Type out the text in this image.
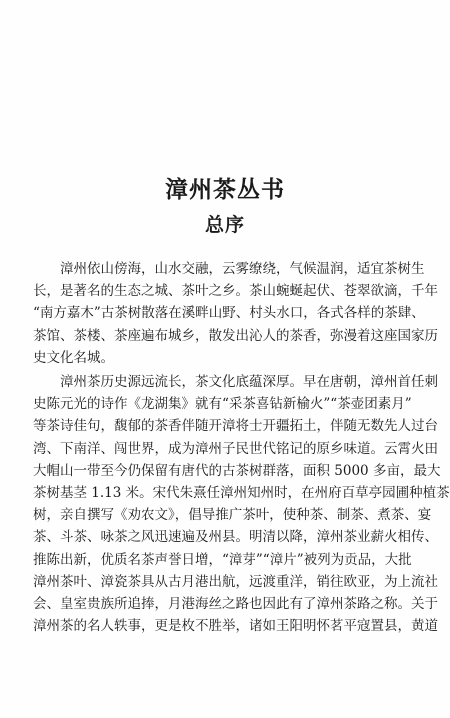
漳州茶丛书
总序
漳州依山傍海，山水交融，云雾缭绕，气候温润，适宜茶树生
长，是著名的生态之城、茶叶之乡。茶山蜿蜒起伏、苍翠欲滴，千年
“南方嘉木”古茶树散落在溪畔山野、村头水口，各式各样的茶肆、
茶馆、茶楼、茶座遍布城乡，散发出沁人的茶香，弥漫着这座国家历
史文化名城。
漳州茶历史源远流长，茶文化底蕴深厚。早在唐朝，漳州首任刺
史陈元光的诗作《龙湖集》就有“采茶喜钻新榆火”“茶壶团素月”
等茶诗佳句，馥郁的茶香伴随开漳将士开疆拓土，伴随无数先人过台
湾、下南洋、闯世界，成为漳州子民世代铭记的原乡味道。云霄火田
大帽山一带至今仍保留有唐代的古茶树群落，面积 5000 多亩，最大
茶树基茎 1.13 米。宋代朱熹任漳州知州时，在州府百草亭园圃种植茶
树，亲自撰写《劝农文》，倡导推广茶叶，使种茶、制茶、煮茶、宴
茶、斗茶、咏茶之风迅速遍及州县。明清以降，漳州茶业薪火相传、
推陈出新，优质名茶声誉日增，“漳芽”“漳片”被列为贡品，大批
漳州茶叶、漳瓷茶具从古月港出航，远渡重洋，销往欧亚，为上流社
会、皇室贵族所追捧，月港海丝之路也因此有了漳州茶路之称。关于
漳州茶的名人轶事，更是枚不胜举，诸如王阳明怀茗平寇置县，黄道
